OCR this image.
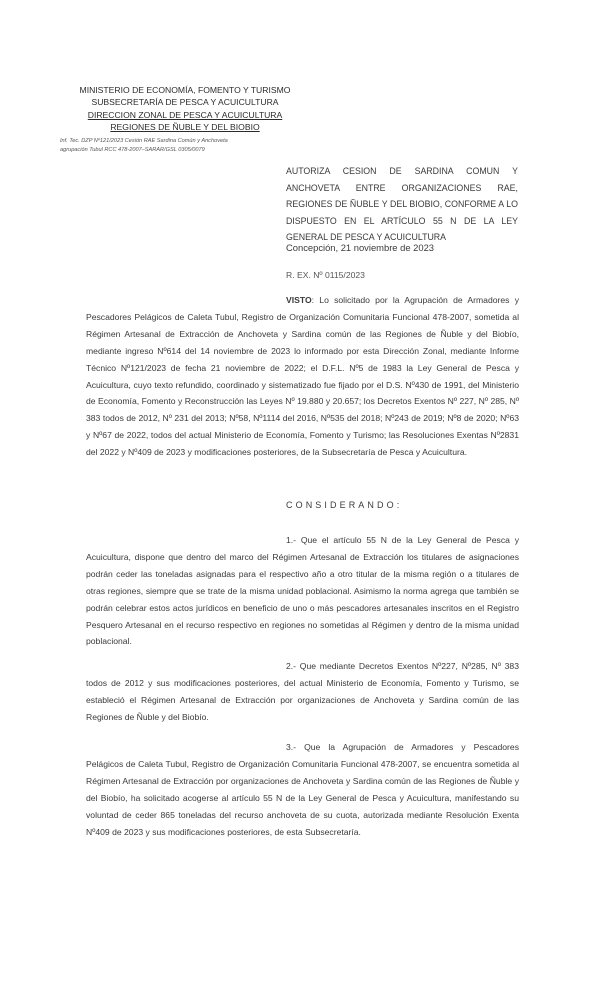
MINISTERIO DE ECONOMÍA, FOMENTO Y TURISMO
SUBSECRETARÍA DE PESCA Y ACUICULTURA
DIRECCION ZONAL DE PESCA Y ACUICULTURA
REGIONES DE ÑUBLE Y DEL BIOBIO
Inf. Tec. DZP Nº121/2023 Cesión RAE Sardina Común y Anchoveta
agrupación Tubul RCC 478-2007–SARAR/GSL 0305/0079
AUTORIZA CESION DE SARDINA COMUN Y ANCHOVETA ENTRE ORGANIZACIONES RAE, REGIONES DE ÑUBLE Y DEL BIOBIO, CONFORME A LO DISPUESTO EN EL ARTÍCULO 55 N DE LA LEY GENERAL DE PESCA Y ACUICULTURA
Concepción, 21 noviembre de 2023
R. EX. Nº 0115/2023
VISTO: Lo solicitado por la Agrupación de Armadores y Pescadores Pelágicos de Caleta Tubul, Registro de Organización Comunitaria Funcional 478-2007, sometida al Régimen Artesanal de Extracción de Anchoveta y Sardina común de las Regiones de Ñuble y del Biobío, mediante ingreso Nº614 del 14 noviembre de 2023 lo informado por esta Dirección Zonal, mediante Informe Técnico Nº121/2023 de fecha 21 noviembre de 2022; el D.F.L. Nº5 de 1983 la Ley General de Pesca y Acuicultura, cuyo texto refundido, coordinado y sistematizado fue fijado por el D.S. Nº430 de 1991, del Ministerio de Economía, Fomento y Reconstrucción las Leyes Nº 19.880 y 20.657; los Decretos Exentos Nº 227, Nº 285, Nº 383 todos de 2012, Nº 231 del 2013; Nº58, Nº1114 del 2016, Nº535 del 2018; Nº243 de 2019; Nº8 de 2020; Nº63 y Nº67 de 2022, todos del actual Ministerio de Economía, Fomento y Turismo; las Resoluciones Exentas Nº2831 del 2022 y Nº409 de 2023 y modificaciones posteriores, de la Subsecretaría de Pesca y Acuicultura.
CONSIDERANDO:
1.- Que el artículo 55 N de la Ley General de Pesca y Acuicultura, dispone que dentro del marco del Régimen Artesanal de Extracción los titulares de asignaciones podrán ceder las toneladas asignadas para el respectivo año a otro titular de la misma región o a titulares de otras regiones, siempre que se trate de la misma unidad poblacional. Asimismo la norma agrega que también se podrán celebrar estos actos jurídicos en beneficio de uno o más pescadores artesanales inscritos en el Registro Pesquero Artesanal en el recurso respectivo en regiones no sometidas al Régimen y dentro de la misma unidad poblacional.
2.- Que mediante Decretos Exentos Nº227, Nº285, Nº 383 todos de 2012 y sus modificaciones posteriores, del actual Ministerio de Economía, Fomento y Turismo, se estableció el Régimen Artesanal de Extracción por organizaciones de Anchoveta y Sardina común de las Regiones de Ñuble y del Biobío.
3.- Que la Agrupación de Armadores y Pescadores Pelágicos de Caleta Tubul, Registro de Organización Comunitaria Funcional 478-2007, se encuentra sometida al Régimen Artesanal de Extracción por organizaciones de Anchoveta y Sardina común de las Regiones de Ñuble y del Biobío, ha solicitado acogerse al artículo 55 N de la Ley General de Pesca y Acuicultura, manifestando su voluntad de ceder 865 toneladas del recurso anchoveta de su cuota, autorizada mediante Resolución Exenta Nº409 de 2023 y sus modificaciones posteriores, de esta Subsecretaría.
